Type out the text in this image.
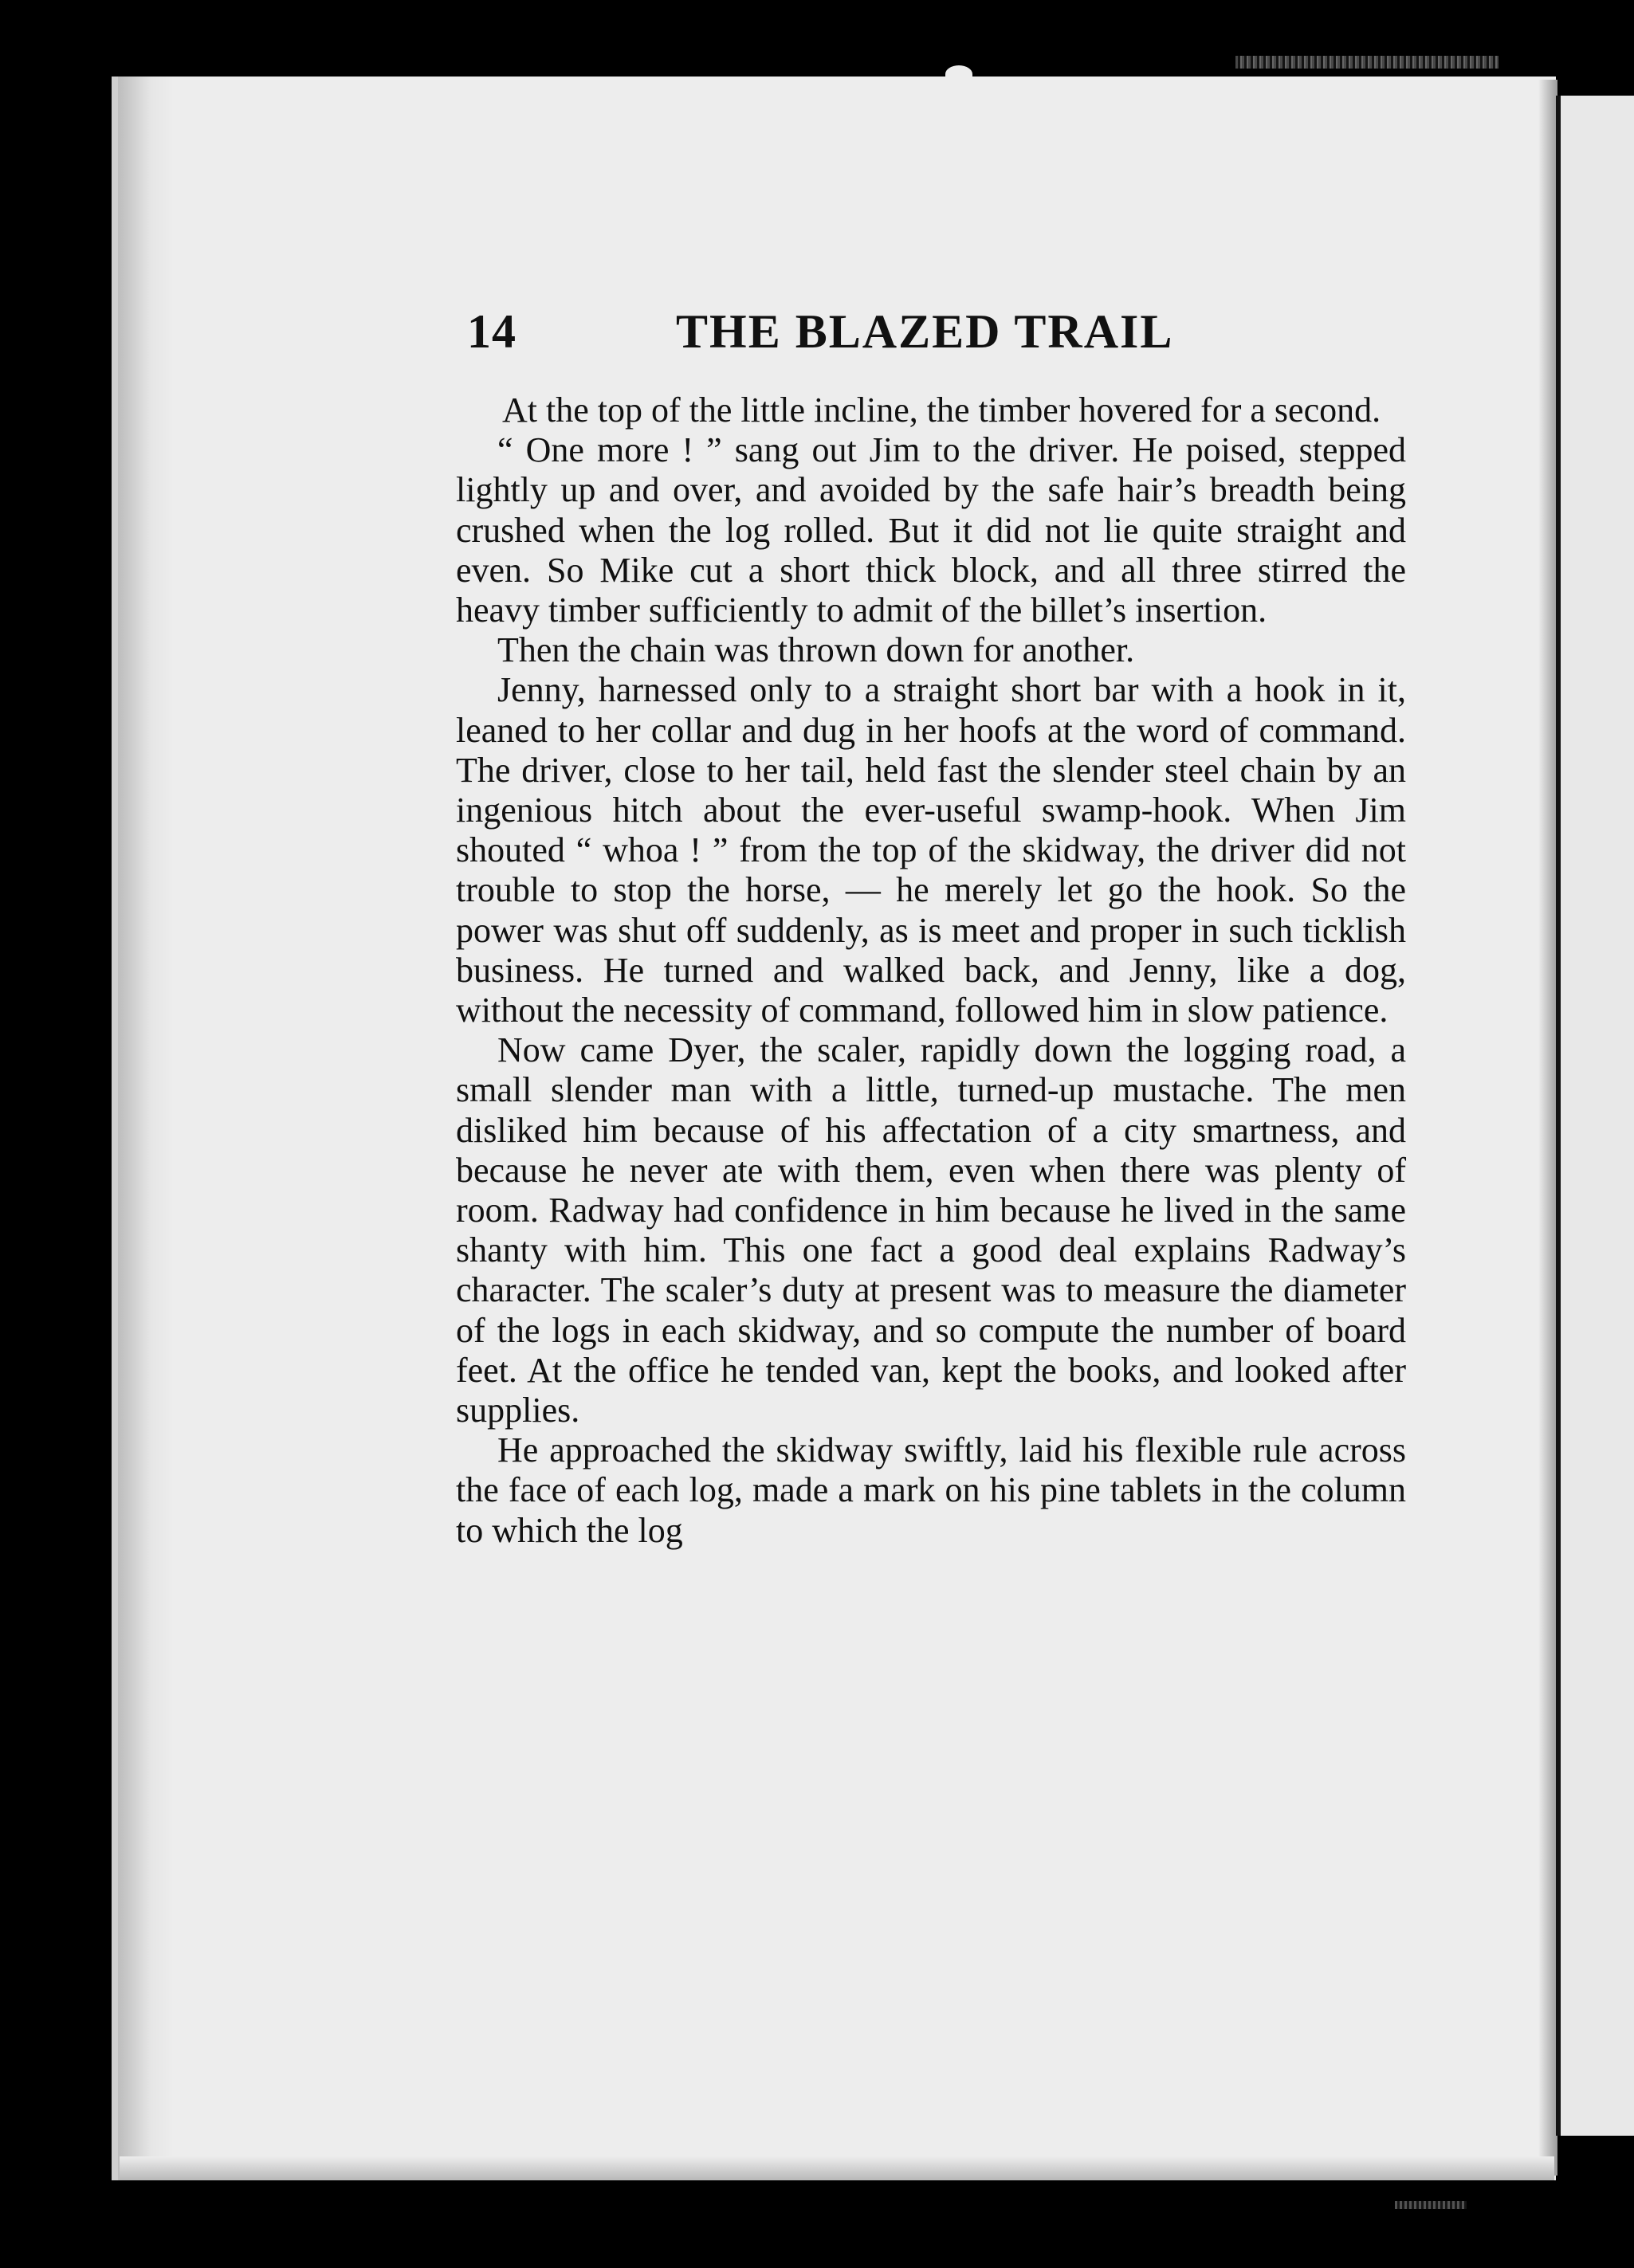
14	THE BLAZED TRAIL

At the top of the little incline, the timber hovered for a second.

“ One more ! ” sang out Jim to the driver. He poised, stepped lightly up and over, and avoided by the safe hair’s breadth being crushed when the log rolled. But it did not lie quite straight and even. So Mike cut a short thick block, and all three stirred the heavy timber sufficiently to admit of the billet’s insertion.

Then the chain was thrown down for another.

Jenny, harnessed only to a straight short bar with a hook in it, leaned to her collar and dug in her hoofs at the word of command. The driver, close to her tail, held fast the slender steel chain by an ingenious hitch about the ever-useful swamp-hook. When Jim shouted “ whoa ! ” from the top of the skidway, the driver did not trouble to stop the horse, — he merely let go the hook. So the power was shut off suddenly, as is meet and proper in such ticklish business. He turned and walked back, and Jenny, like a dog, without the necessity of command, followed him in slow patience.

Now came Dyer, the scaler, rapidly down the logging road, a small slender man with a little, turned-up mustache. The men disliked him because of his affectation of a city smartness, and because he never ate with them, even when there was plenty of room. Radway had confidence in him because he lived in the same shanty with him. This one fact a good deal explains Radway’s character. The scaler’s duty at present was to measure the diameter of the logs in each skidway, and so compute the number of board feet. At the office he tended van, kept the books, and looked after supplies.

He approached the skidway swiftly, laid his flexible rule across the face of each log, made a mark on his pine tablets in the column to which the log
